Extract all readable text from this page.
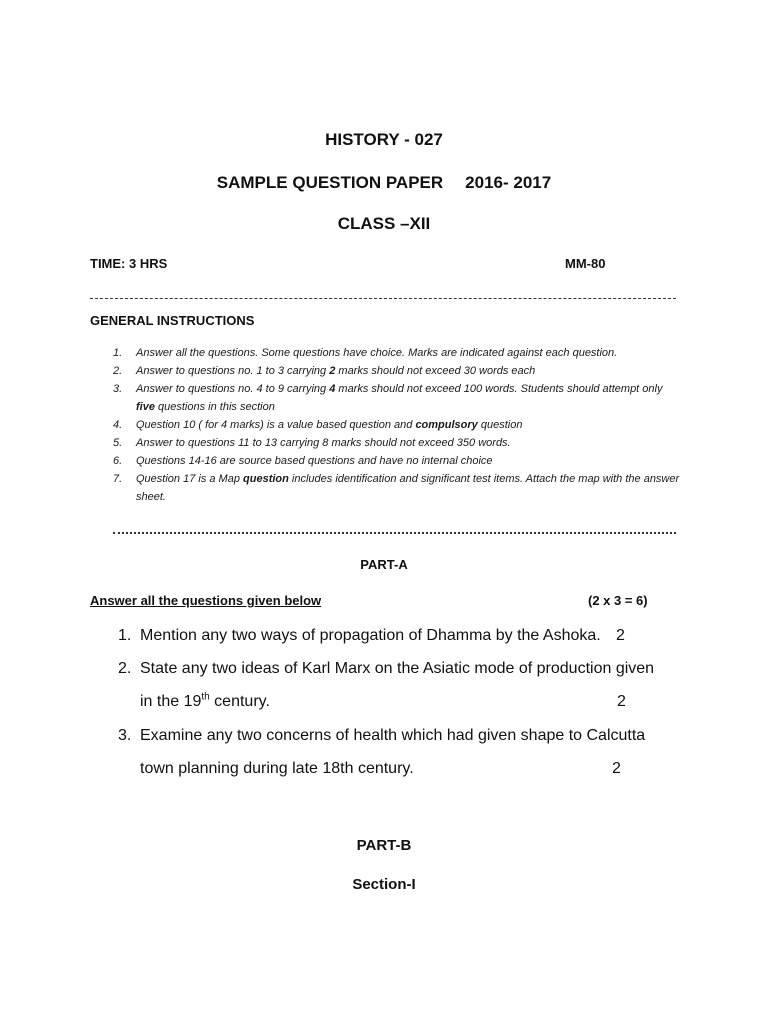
HISTORY - 027
SAMPLE QUESTION PAPER 2016- 2017
CLASS –XII
TIME: 3 HRS	MM-80
GENERAL INSTRUCTIONS
1. Answer all the questions. Some questions have choice. Marks are indicated against each question.
2. Answer to questions no. 1 to 3 carrying 2 marks should not exceed 30 words each
3. Answer to questions no. 4 to 9 carrying 4 marks should not exceed 100 words. Students should attempt only five questions in this section
4. Question 10 ( for 4 marks) is a value based question and compulsory question
5. Answer to questions 11 to 13 carrying 8 marks should not exceed 350 words.
6. Questions 14-16 are source based questions and have no internal choice
7. Question 17 is a Map question includes identification and significant test items. Attach the map with the answer sheet.
PART-A
Answer all the questions given below	(2 x 3 = 6)
1. Mention any two ways of propagation of Dhamma by the Ashoka. 2
2. State any two ideas of Karl Marx on the Asiatic mode of production given
in the 19th century.	2
3. Examine any two concerns of health which had given shape to Calcutta
town planning during late 18th century.	2
PART-B
Section-I
